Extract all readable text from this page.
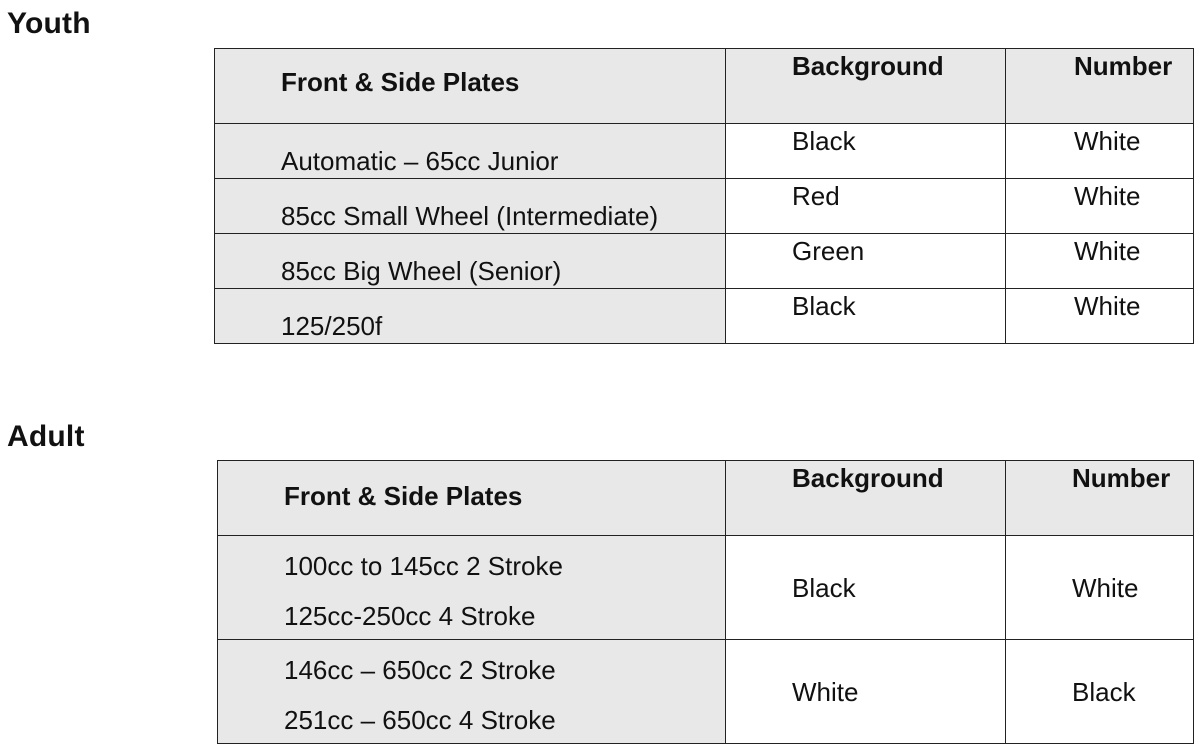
Youth
Front & Side Plates	Background	Number

Automatic – 65cc Junior	Black	White

85cc Small Wheel (Intermediate)	Red	White

85cc Big Wheel (Senior)	Green	White

125/250f	Black	White
Adult
Front & Side Plates	Background	Number

100cc to 145cc 2 Stroke
125cc-250cc 4 Stroke	Black	White

146cc – 650cc 2 Stroke
251cc – 650cc 4 Stroke	White	Black
